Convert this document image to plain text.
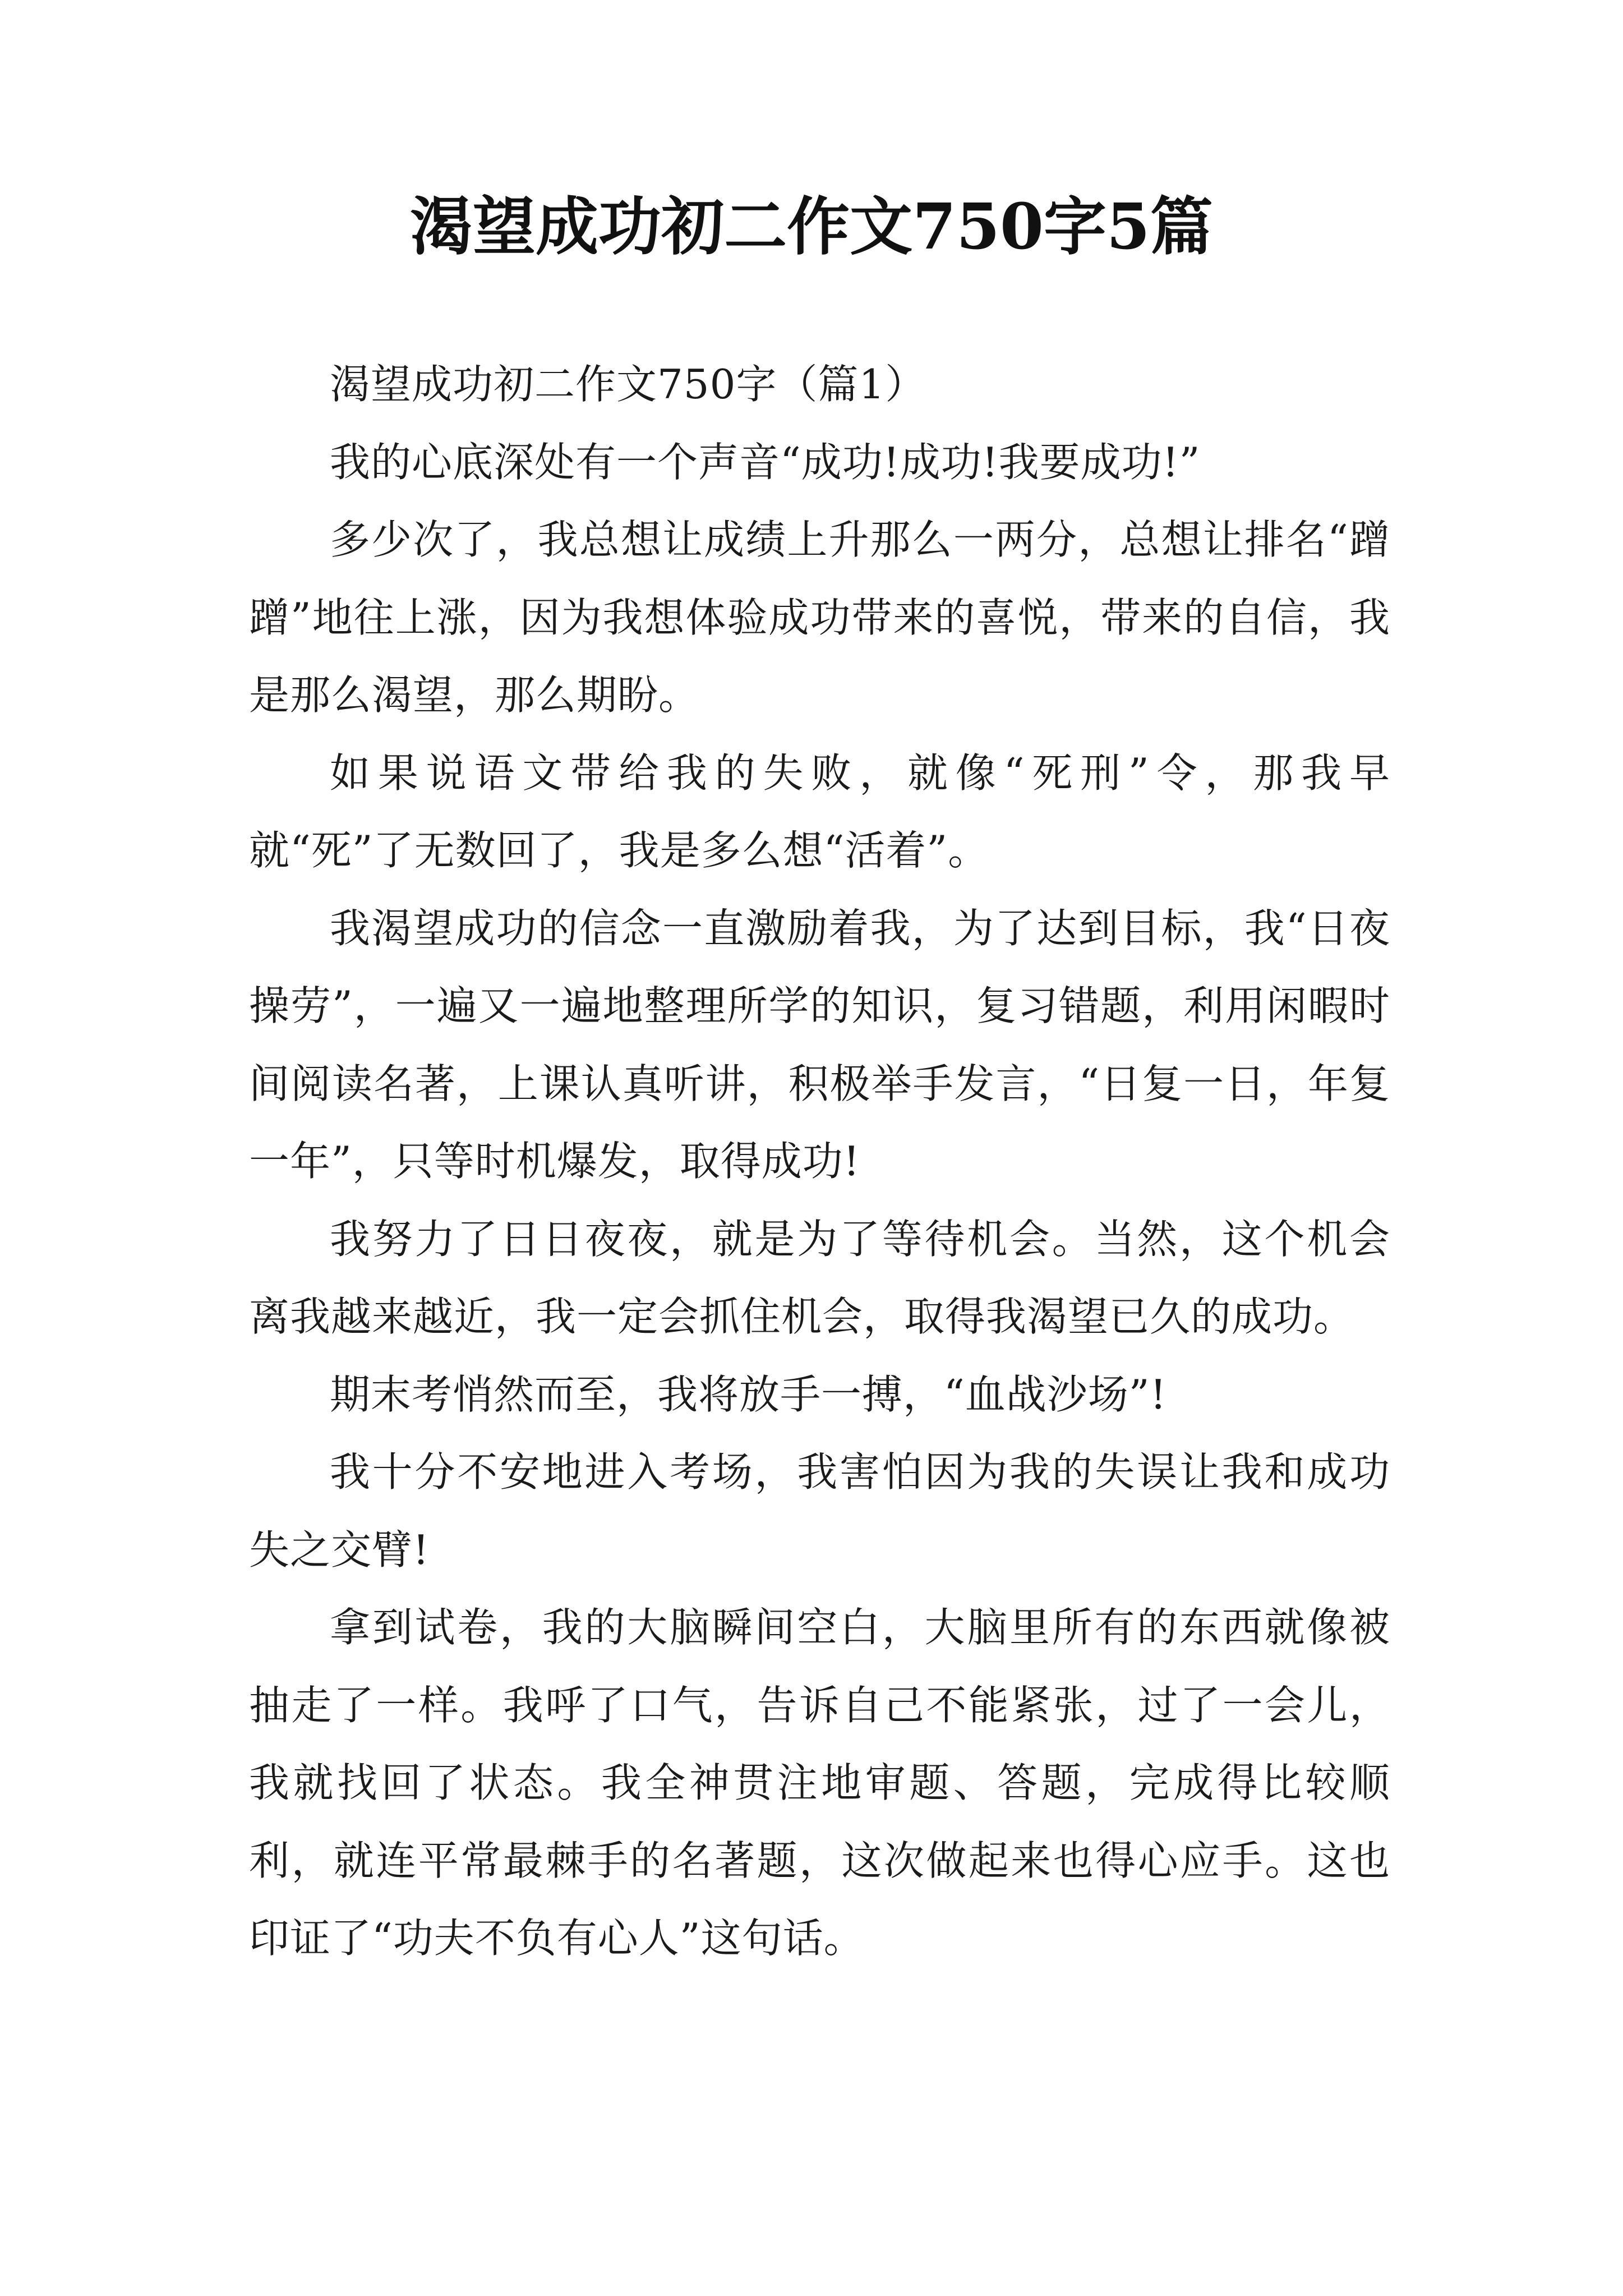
渴望成功初二作文750字5篇

渴望成功初二作文750字（篇1）

我的心底深处有一个声音“成功!成功!我要成功!”

多少次了，我总想让成绩上升那么一两分，总想让排名“蹭蹭”地往上涨，因为我想体验成功带来的喜悦，带来的自信，我是那么渴望，那么期盼。

如果说语文带给我的失败，就像“死刑”令，那我早就“死”了无数回了，我是多么想“活着”。

我渴望成功的信念一直激励着我，为了达到目标，我“日夜操劳”，一遍又一遍地整理所学的知识，复习错题，利用闲暇时间阅读名著，上课认真听讲，积极举手发言，“日复一日，年复一年”，只等时机爆发，取得成功!

我努力了日日夜夜，就是为了等待机会。当然，这个机会离我越来越近，我一定会抓住机会，取得我渴望已久的成功。

期末考悄然而至，我将放手一搏，“血战沙场”!

我十分不安地进入考场，我害怕因为我的失误让我和成功失之交臂!

拿到试卷，我的大脑瞬间空白，大脑里所有的东西就像被抽走了一样。我呼了口气，告诉自己不能紧张，过了一会儿，我就找回了状态。我全神贯注地审题、答题，完成得比较顺利，就连平常最棘手的名著题，这次做起来也得心应手。这也印证了“功夫不负有心人”这句话。
